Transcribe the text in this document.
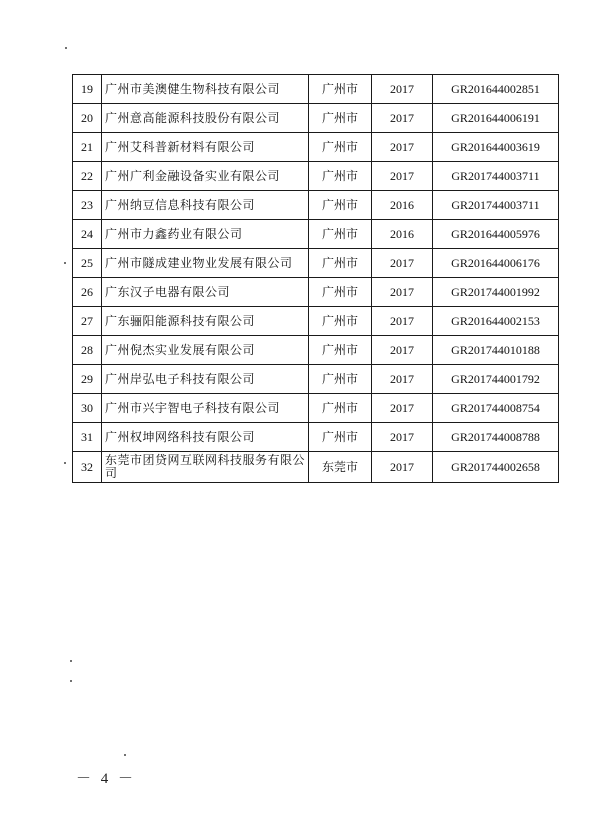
19	广州市美澳健生物科技有限公司	广州市	2017	GR201644002851
20	广州意高能源科技股份有限公司	广州市	2017	GR201644006191
21	广州艾科普新材料有限公司	广州市	2017	GR201644003619
22	广州广利金融设备实业有限公司	广州市	2017	GR201744003711
23	广州纳豆信息科技有限公司	广州市	2016	GR201744003711
24	广州市力鑫药业有限公司	广州市	2016	GR201644005976
25	广州市隧成建业物业发展有限公司	广州市	2017	GR201644006176
26	广东汉子电器有限公司	广州市	2017	GR201744001992
27	广东骊阳能源科技有限公司	广州市	2017	GR201644002153
28	广州倪杰实业发展有限公司	广州市	2017	GR201744010188
29	广州岸弘电子科技有限公司	广州市	2017	GR201744001792
30	广州市兴宇智电子科技有限公司	广州市	2017	GR201744008754
31	广州权坤网络科技有限公司	广州市	2017	GR201744008788
32	东莞市团贷网互联网科技服务有限公司	东莞市	2017	GR201744002658
－ 4 －
